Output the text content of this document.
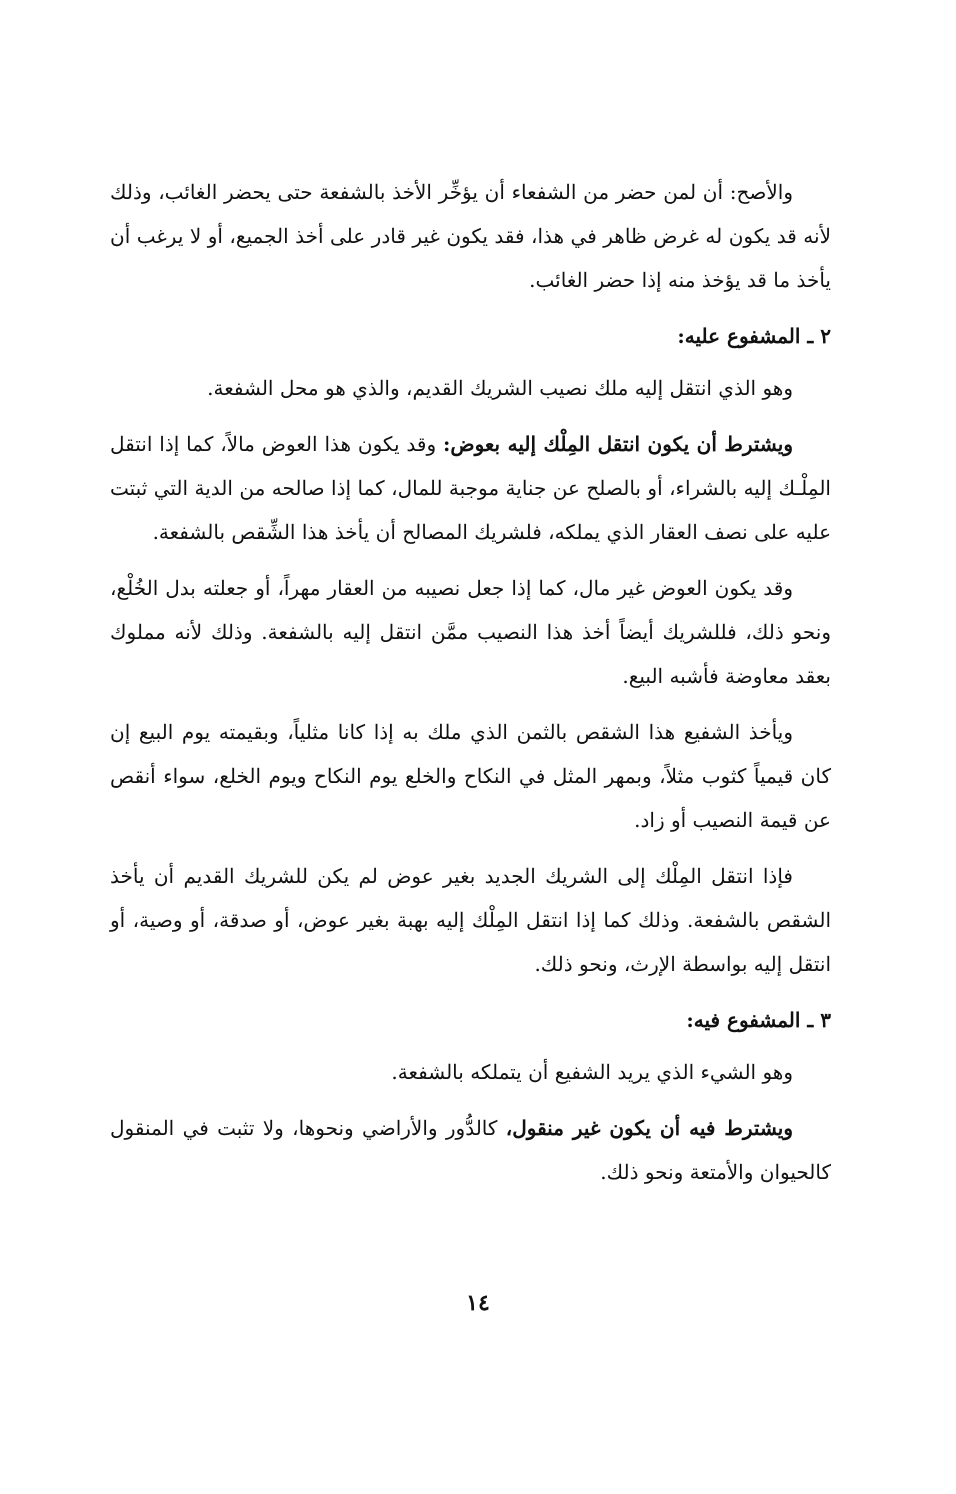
والأصح: أن لمن حضر من الشفعاء أن يؤخِّر الأخذ بالشفعة حتى يحضر الغائب، وذلك لأنه قد يكون له غرض ظاهر في هذا، فقد يكون غير قادر على أخذ الجميع، أو لا يرغب أن يأخذ ما قد يؤخذ منه إذا حضر الغائب.

٢ ـ المشفوع عليه:

وهو الذي انتقل إليه ملك نصيب الشريك القديم، والذي هو محل الشفعة.

ويشترط أن يكون انتقل المِلْك إليه بعوض: وقد يكون هذا العوض مالاً، كما إذا انتقل المِلْـك إليه بالشراء، أو بالصلح عن جناية موجبة للمال، كما إذا صالحه من الدية التي ثبتت عليه على نصف العقار الذي يملكه، فلشريك المصالح أن يأخذ هذا الشِّقص بالشفعة.

وقد يكون العوض غير مال، كما إذا جعل نصيبه من العقار مهراً، أو جعلته بدل الخُلْع، ونحو ذلك، فللشريك أيضاً أخذ هذا النصيب ممَّن انتقل إليه بالشفعة. وذلك لأنه مملوك بعقد معاوضة فأشبه البيع.

ويأخذ الشفيع هذا الشقص بالثمن الذي ملك به إذا كانا مثلياً، وبقيمته يوم البيع إن كان قيمياً كثوب مثلاً، وبمهر المثل في النكاح والخلع يوم النكاح ويوم الخلع، سواء أنقص عن قيمة النصيب أو زاد.

فإذا انتقل المِلْك إلى الشريك الجديد بغير عوض لم يكن للشريك القديم أن يأخذ الشقص بالشفعة. وذلك كما إذا انتقل المِلْك إليه بهبة بغير عوض، أو صدقة، أو وصية، أو انتقل إليه بواسطة الإرث، ونحو ذلك.

٣ ـ المشفوع فيه:

وهو الشيء الذي يريد الشفيع أن يتملكه بالشفعة.

ويشترط فيه أن يكون غير منقول، كالدُّور والأراضي ونحوها، ولا تثبت في المنقول كالحيوان والأمتعة ونحو ذلك.

١٤
